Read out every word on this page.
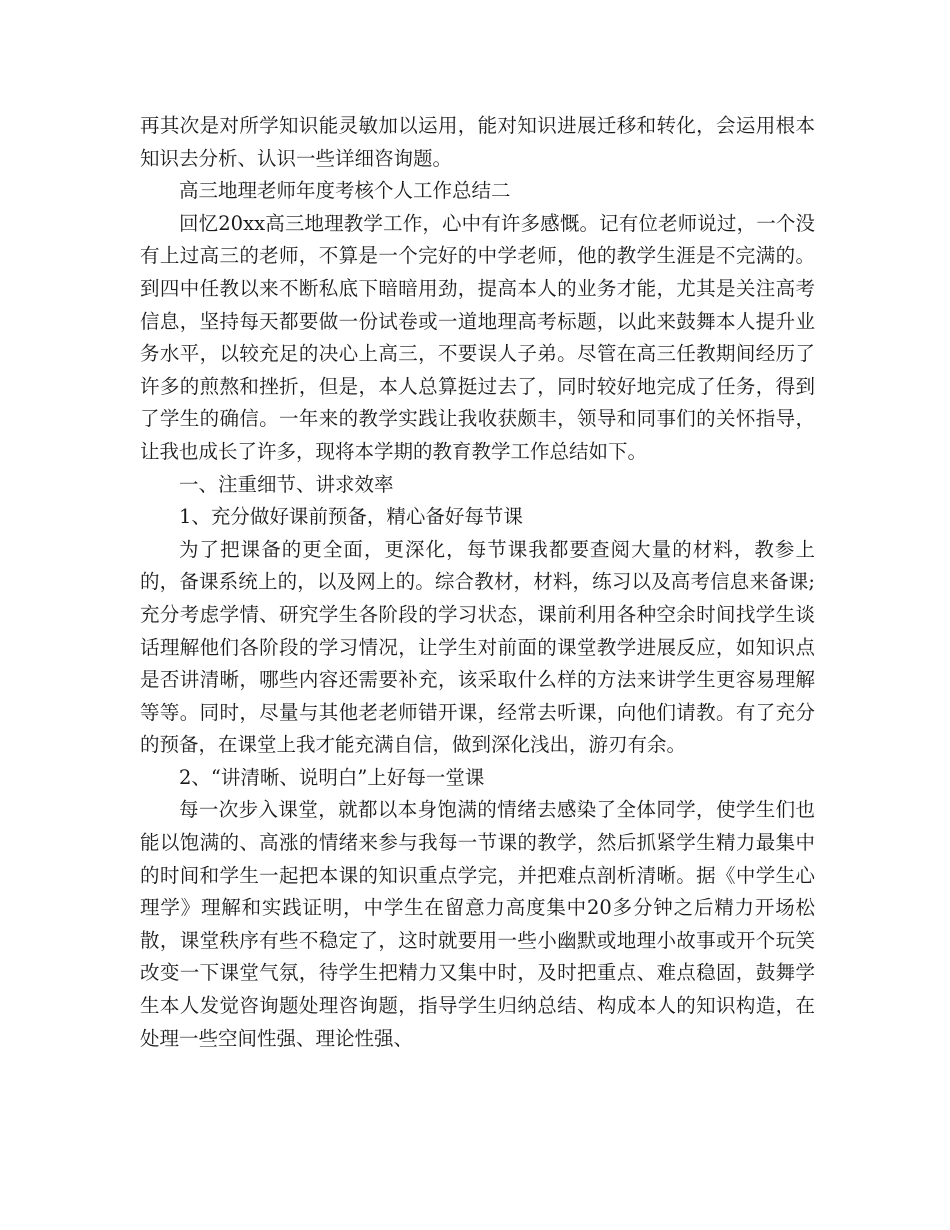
再其次是对所学知识能灵敏加以运用，能对知识进展迁移和转化，会运用根本知识去分析、认识一些详细咨询题。

高三地理老师年度考核个人工作总结二

回忆20xx高三地理教学工作，心中有许多感慨。记有位老师说过，一个没有上过高三的老师，不算是一个完好的中学老师，他的教学生涯是不完满的。到四中任教以来不断私底下暗暗用劲，提高本人的业务才能，尤其是关注高考信息，坚持每天都要做一份试卷或一道地理高考标题，以此来鼓舞本人提升业务水平，以较充足的决心上高三，不要误人子弟。尽管在高三任教期间经历了许多的煎熬和挫折，但是，本人总算挺过去了，同时较好地完成了任务，得到了学生的确信。一年来的教学实践让我收获颇丰，领导和同事们的关怀指导，让我也成长了许多，现将本学期的教育教学工作总结如下。

一、注重细节、讲求效率

1、充分做好课前预备，精心备好每节课

为了把课备的更全面，更深化，每节课我都要查阅大量的材料，教参上的，备课系统上的，以及网上的。综合教材，材料，练习以及高考信息来备课;充分考虑学情、研究学生各阶段的学习状态，课前利用各种空余时间找学生谈话理解他们各阶段的学习情况，让学生对前面的课堂教学进展反应，如知识点是否讲清晰，哪些内容还需要补充，该采取什么样的方法来讲学生更容易理解等等。同时，尽量与其他老老师错开课，经常去听课，向他们请教。有了充分的预备，在课堂上我才能充满自信，做到深化浅出，游刃有余。

2、“讲清晰、说明白”上好每一堂课

每一次步入课堂，就都以本身饱满的情绪去感染了全体同学，使学生们也能以饱满的、高涨的情绪来参与我每一节课的教学，然后抓紧学生精力最集中的时间和学生一起把本课的知识重点学完，并把难点剖析清晰。据《中学生心理学》理解和实践证明，中学生在留意力高度集中20多分钟之后精力开场松散，课堂秩序有些不稳定了，这时就要用一些小幽默或地理小故事或开个玩笑改变一下课堂气氛，待学生把精力又集中时，及时把重点、难点稳固，鼓舞学生本人发觉咨询题处理咨询题，指导学生归纳总结、构成本人的知识构造，在处理一些空间性强、理论性强、
